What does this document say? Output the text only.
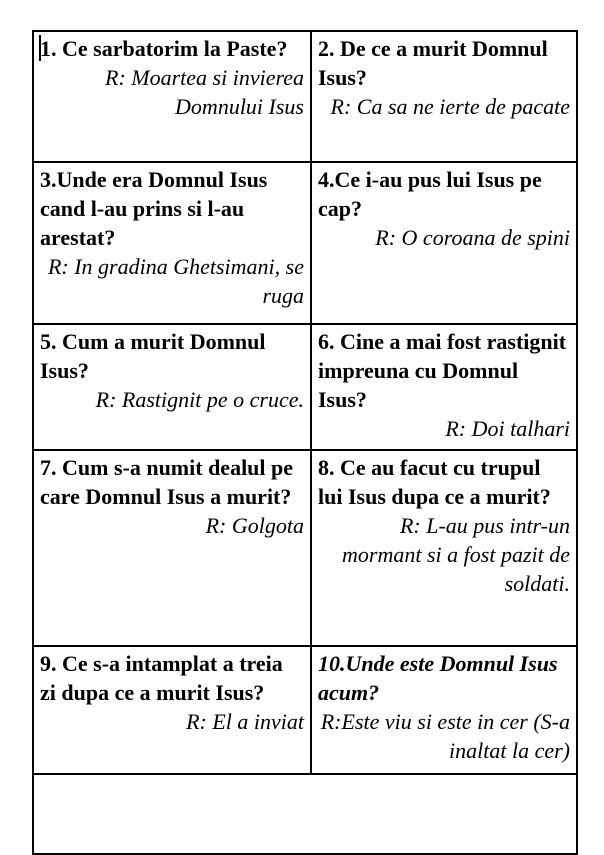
1. Ce sarbatorim la Paste?
R: Moartea si invierea Domnului Isus

2. De ce a murit Domnul Isus?
R: Ca sa ne ierte de pacate

3.Unde era Domnul Isus cand l-au prins si l-au arestat?
R: In gradina Ghetsimani, se ruga

4.Ce i-au pus lui Isus pe cap?
R: O coroana de spini

5. Cum a murit Domnul Isus?
R: Rastignit pe o cruce.

6. Cine a mai fost rastignit impreuna cu Domnul Isus?
R: Doi talhari

7. Cum s-a numit dealul pe care Domnul Isus a murit?
R: Golgota

8. Ce au facut cu trupul lui Isus dupa ce a murit?
R: L-au pus intr-un mormant si a fost pazit de soldati.

9. Ce s-a intamplat a treia zi dupa ce a murit Isus?
R: El a inviat

10.Unde este Domnul Isus acum?
R:Este viu si este in cer (S-a inaltat la cer)
